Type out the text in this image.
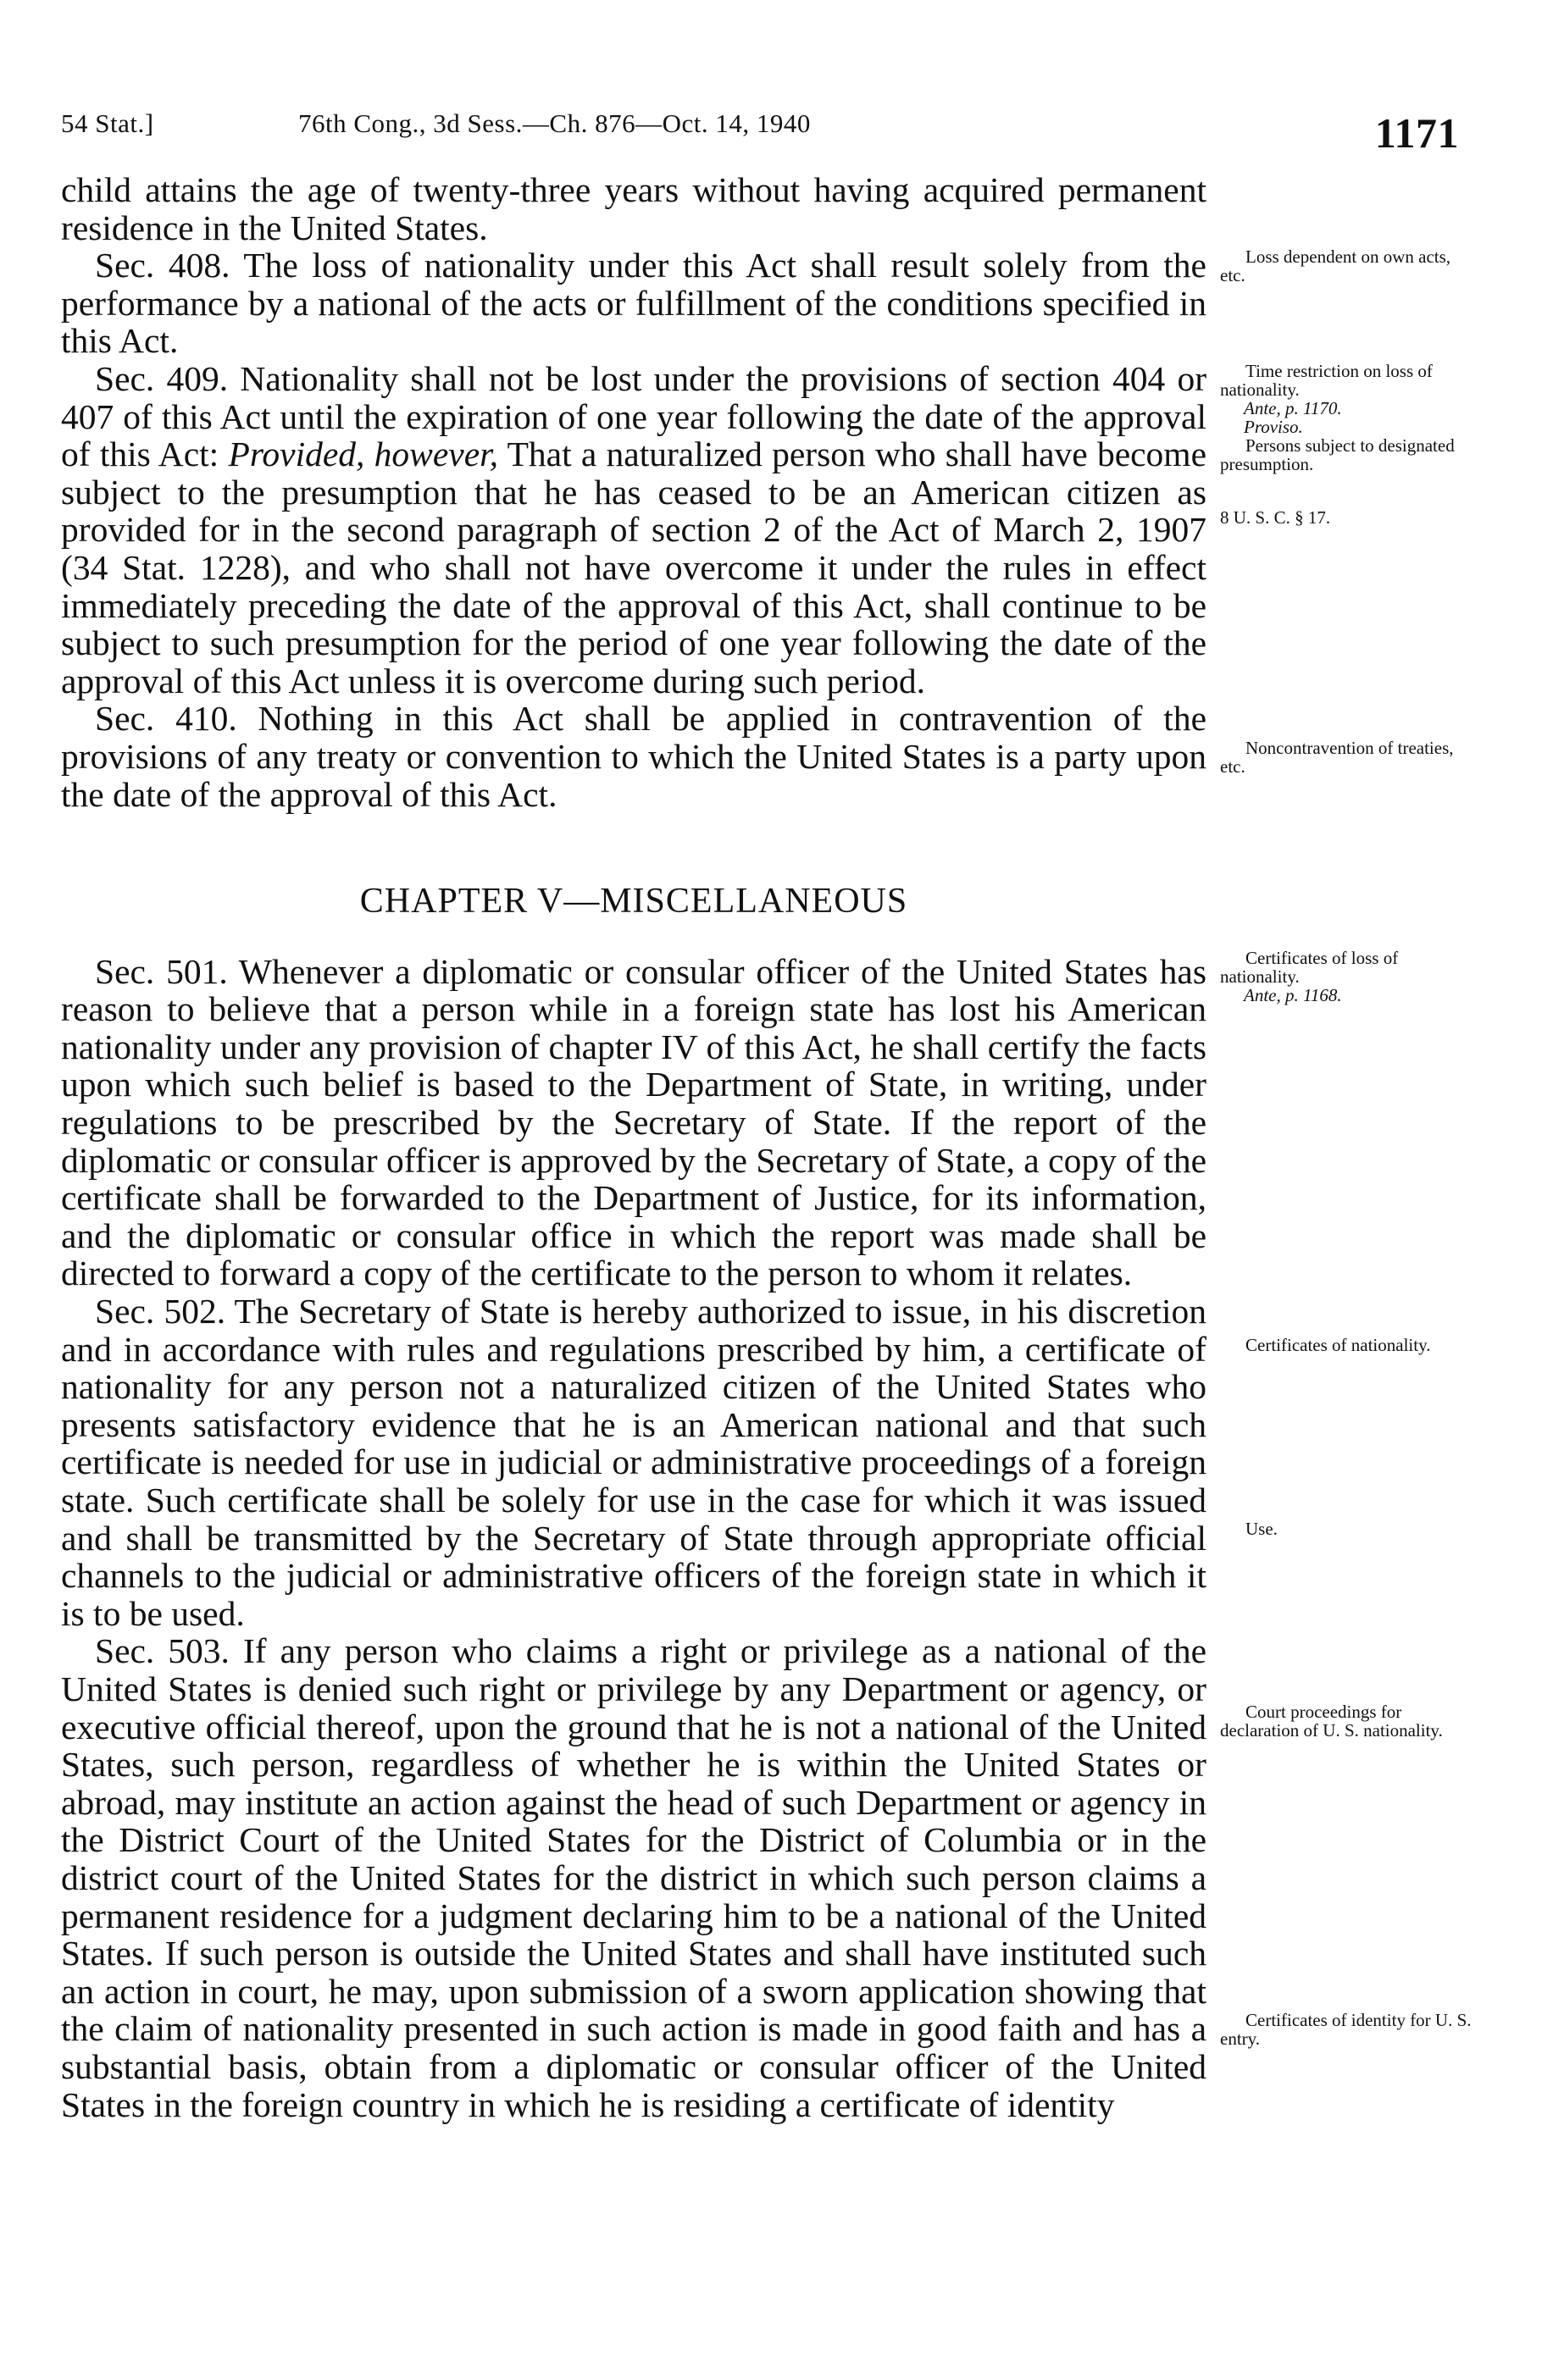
54 Stat.]	76th Cong., 3d Sess.—Ch. 876—Oct. 14, 1940	1171

child attains the age of twenty-three years without having acquired permanent residence in the United States.

Sec. 408. The loss of nationality under this Act shall result solely from the performance by a national of the acts or fulfillment of the conditions specified in this Act.

Sec. 409. Nationality shall not be lost under the provisions of section 404 or 407 of this Act until the expiration of one year following the date of the approval of this Act: Provided, however, That a naturalized person who shall have become subject to the presumption that he has ceased to be an American citizen as provided for in the second paragraph of section 2 of the Act of March 2, 1907 (34 Stat. 1228), and who shall not have overcome it under the rules in effect immediately preceding the date of the approval of this Act, shall continue to be subject to such presumption for the period of one year following the date of the approval of this Act unless it is overcome during such period.

Sec. 410. Nothing in this Act shall be applied in contravention of the provisions of any treaty or convention to which the United States is a party upon the date of the approval of this Act.

CHAPTER V—MISCELLANEOUS

Sec. 501. Whenever a diplomatic or consular officer of the United States has reason to believe that a person while in a foreign state has lost his American nationality under any provision of chapter IV of this Act, he shall certify the facts upon which such belief is based to the Department of State, in writing, under regulations to be prescribed by the Secretary of State. If the report of the diplomatic or consular officer is approved by the Secretary of State, a copy of the certificate shall be forwarded to the Department of Justice, for its information, and the diplomatic or consular office in which the report was made shall be directed to forward a copy of the certificate to the person to whom it relates.

Sec. 502. The Secretary of State is hereby authorized to issue, in his discretion and in accordance with rules and regulations prescribed by him, a certificate of nationality for any person not a naturalized citizen of the United States who presents satisfactory evidence that he is an American national and that such certificate is needed for use in judicial or administrative proceedings of a foreign state. Such certificate shall be solely for use in the case for which it was issued and shall be transmitted by the Secretary of State through appropriate official channels to the judicial or administrative officers of the foreign state in which it is to be used.

Sec. 503. If any person who claims a right or privilege as a national of the United States is denied such right or privilege by any Department or agency, or executive official thereof, upon the ground that he is not a national of the United States, such person, regardless of whether he is within the United States or abroad, may institute an action against the head of such Department or agency in the District Court of the United States for the District of Columbia or in the district court of the United States for the district in which such person claims a permanent residence for a judgment declaring him to be a national of the United States. If such person is outside the United States and shall have instituted such an action in court, he may, upon submission of a sworn application showing that the claim of nationality presented in such action is made in good faith and has a substantial basis, obtain from a diplomatic or consular officer of the United States in the foreign country in which he is residing a certificate of identity

Loss dependent on own acts, etc.
Time restriction on loss of nationality.
Ante, p. 1170.
Proviso.
Persons subject to designated presumption.
8 U. S. C. § 17.
Noncontravention of treaties, etc.
Certificates of loss of nationality.
Ante, p. 1168.
Certificates of nationality.
Use.
Court proceedings for declaration of U. S. nationality.
Certificates of identity for U. S. entry.
